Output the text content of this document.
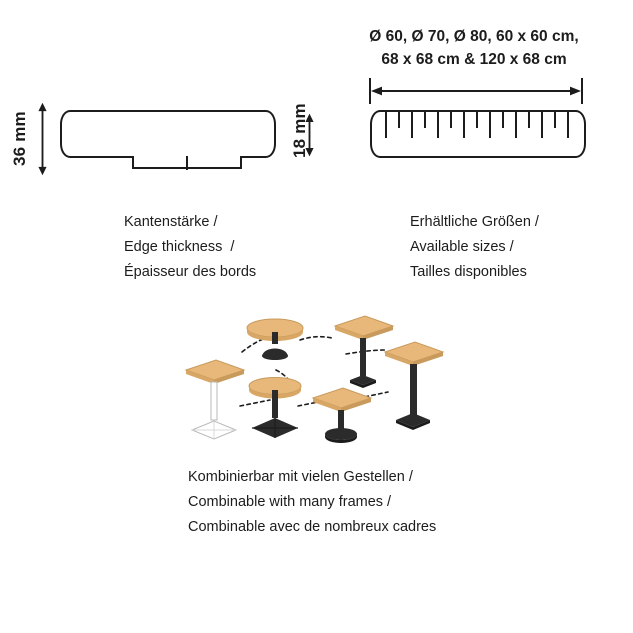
36 mm
Kantenstärke /
Edge thickness  /
Épaisseur des bords
18 mm
Ø 60, Ø 70, Ø 80, 60 x 60 cm,
68 x 68 cm & 120 x 68 cm
Erhältliche Größen /
Available sizes /
Tailles disponibles
Kombinierbar mit vielen Gestellen /
Combinable with many frames /
Combinable avec de nombreux cadres
